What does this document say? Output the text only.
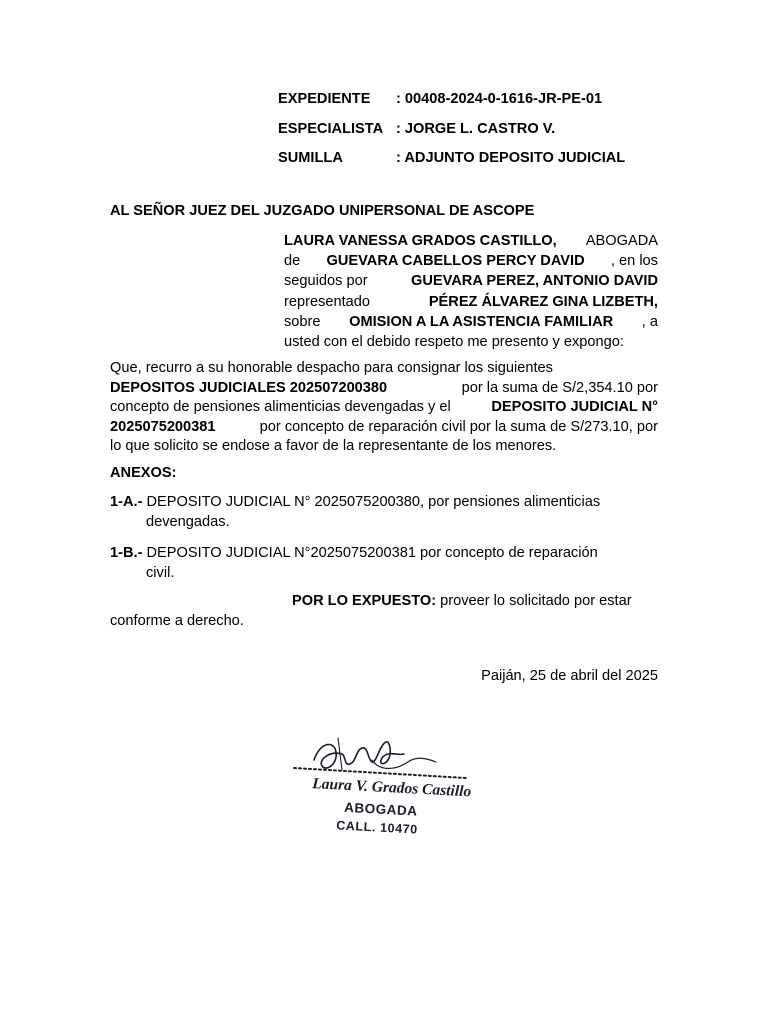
EXPEDIENTE : 00408-2024-0-1616-JR-PE-01
ESPECIALISTA : JORGE L. CASTRO V.
SUMILLA	: ADJUNTO DEPOSITO JUDICIAL
AL SEÑOR JUEZ DEL JUZGADO UNIPERSONAL DE ASCOPE
LAURA VANESSA GRADOS CASTILLO, ABOGADA
de GUEVARA CABELLOS PERCY DAVID , en los
seguidos por	GUEVARA PEREZ, ANTONIO DAVID
representado	PÉREZ ÁLVAREZ GINA LIZBETH,
sobre OMISION A LA ASISTENCIA FAMILIAR , a
usted con el debido respeto me presento y expongo:
Que, recurro a su honorable despacho para consignar los siguientes
DEPOSITOS JUDICIALES 202507200380	por la suma de S/2,354.10 por
concepto de pensiones alimenticias devengadas y el	DEPOSITO JUDICIAL N°
2025075200381	por concepto de reparación civil por la suma de S/273.10, por
lo que solicito se endose a favor de la representante de los menores.
ANEXOS:
1-A.- DEPOSITO JUDICIAL N° 2025075200380, por pensiones alimenticias
devengadas.
1-B.- DEPOSITO JUDICIAL N°2025075200381 por concepto de reparación
civil.
POR LO EXPUESTO: proveer lo solicitado por estar
conforme a derecho.
Paiján, 25 de abril del 2025
Laura V. Grados Castillo
ABOGADA
CALL. 10470
